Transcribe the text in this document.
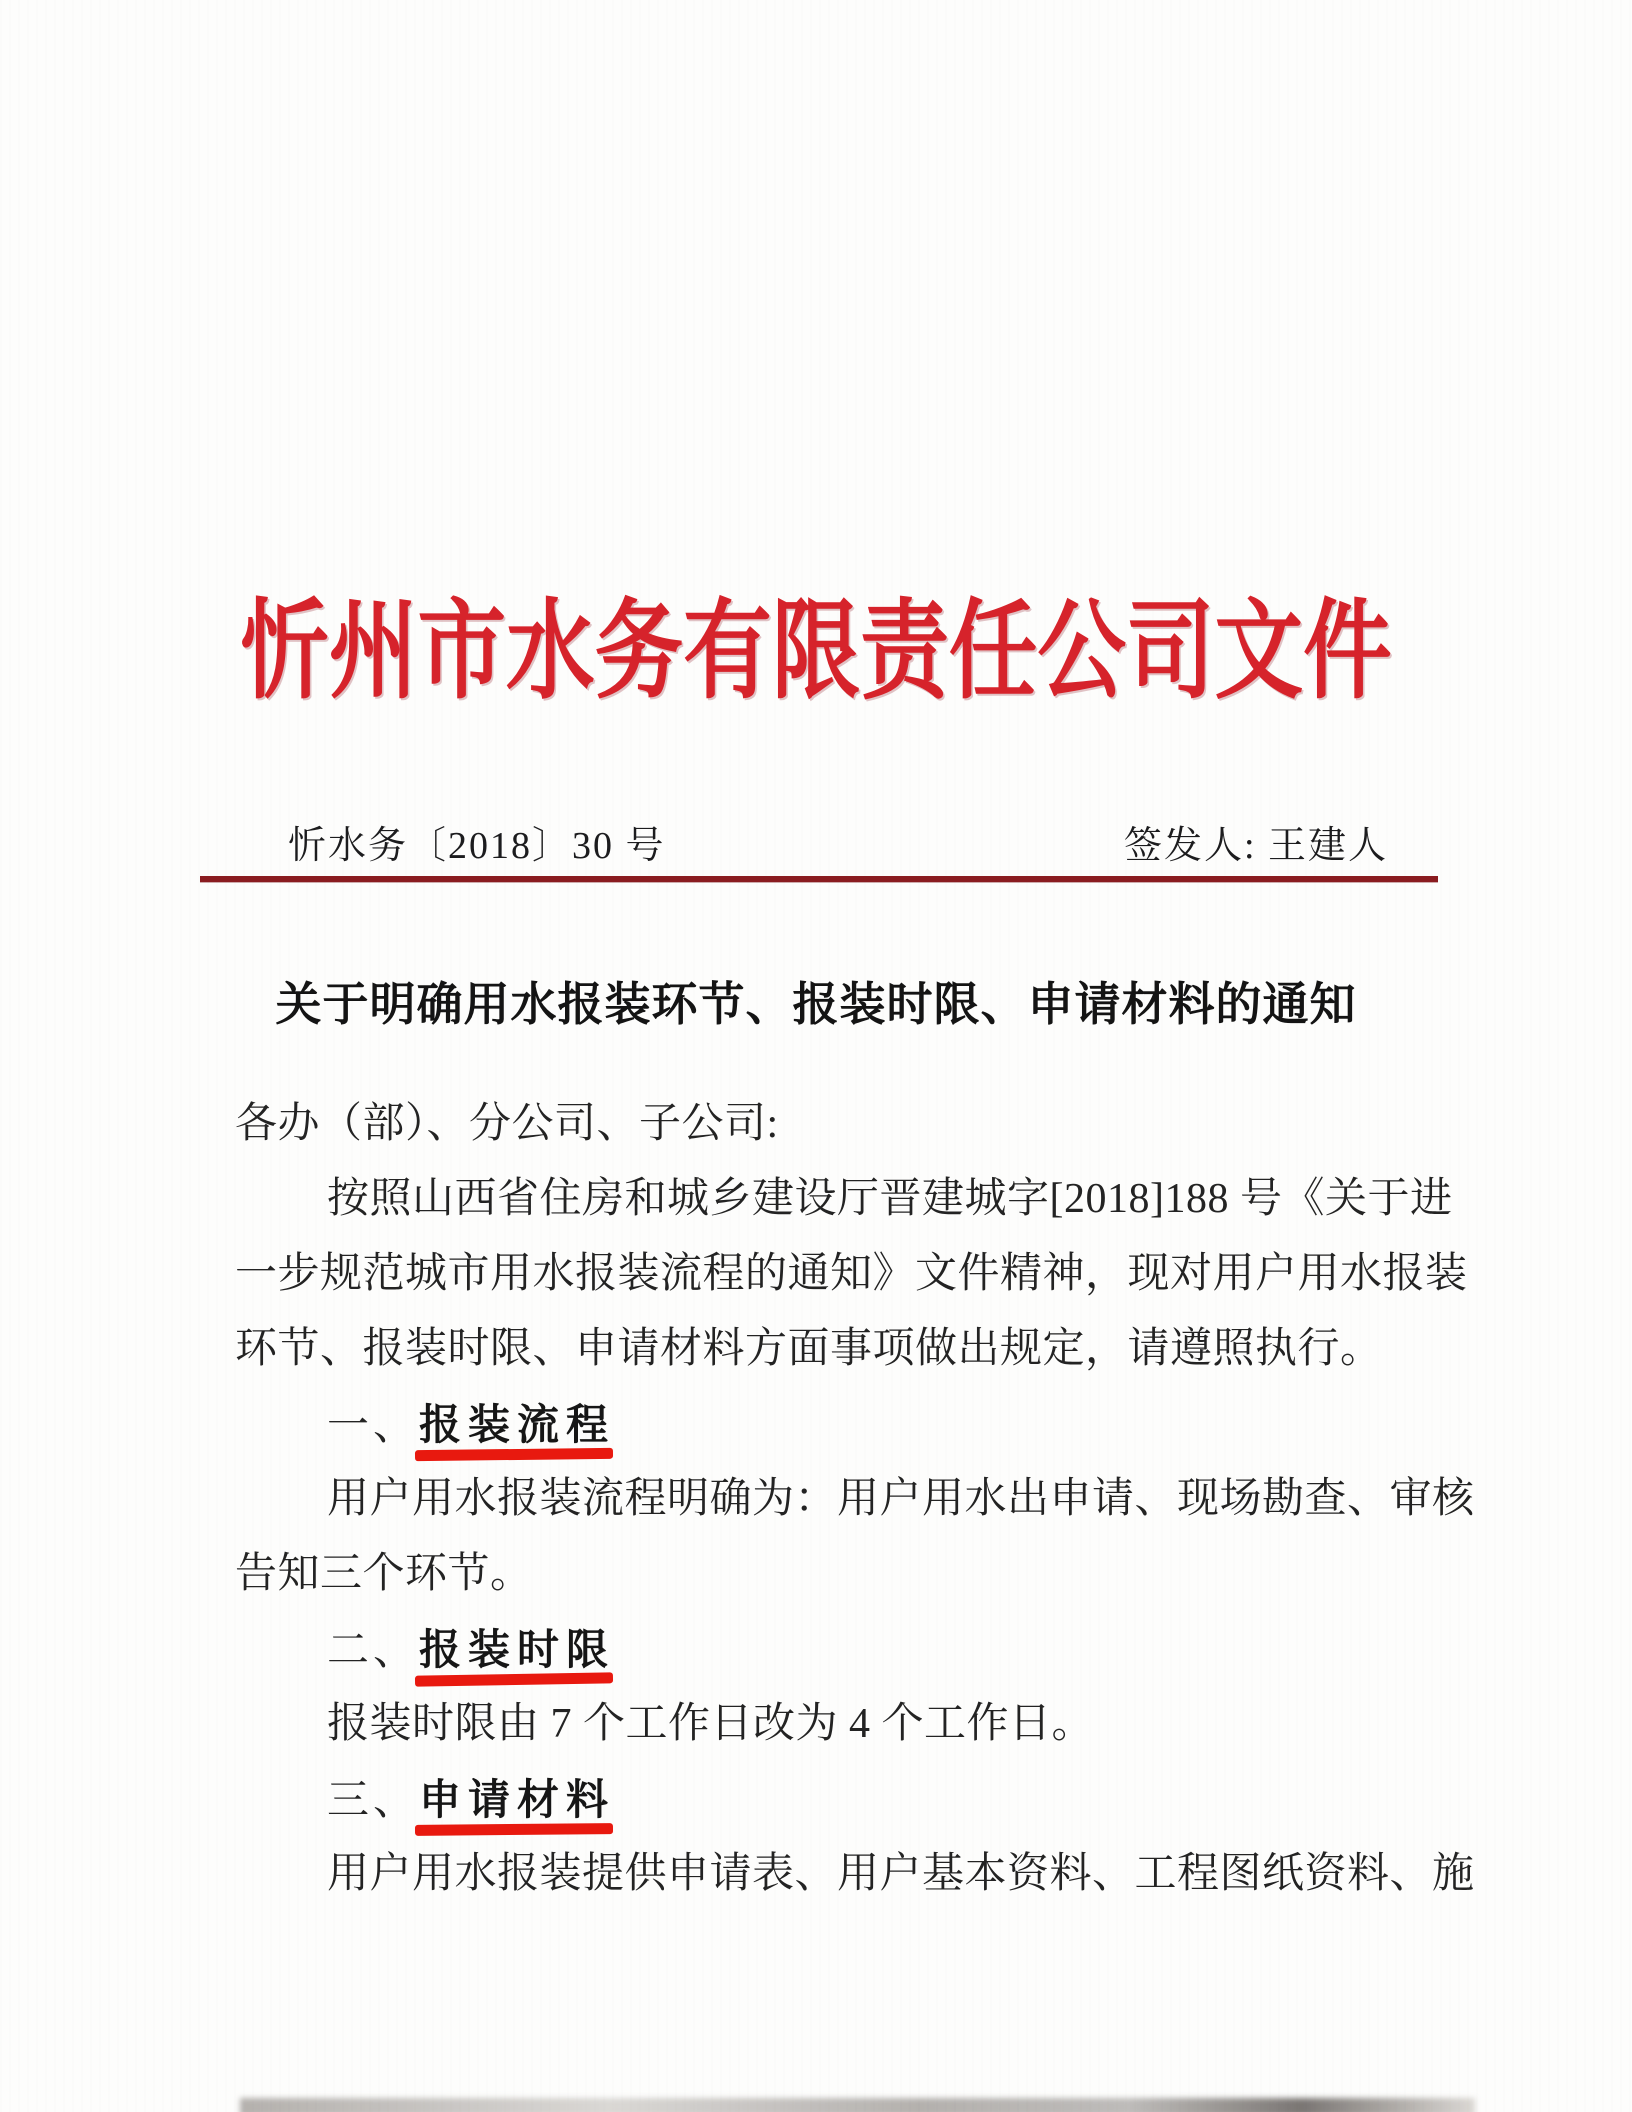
忻州市水务有限责任公司文件
忻水务〔2018〕30 号	签发人: 王建人
关于明确用水报装环节、报装时限、申请材料的通知
各办（部）、分公司、子公司:
按照山西省住房和城乡建设厅晋建城字[2018]188 号《关于进
一步规范城市用水报装流程的通知》文件精神，现对用户用水报装
环节、报装时限、申请材料方面事项做出规定，请遵照执行。
一、报装流程
用户用水报装流程明确为：用户用水出申请、现场勘查、审核
告知三个环节。
二、报装时限
报装时限由 7 个工作日改为 4 个工作日。
三、申请材料
用户用水报装提供申请表、用户基本资料、工程图纸资料、施
